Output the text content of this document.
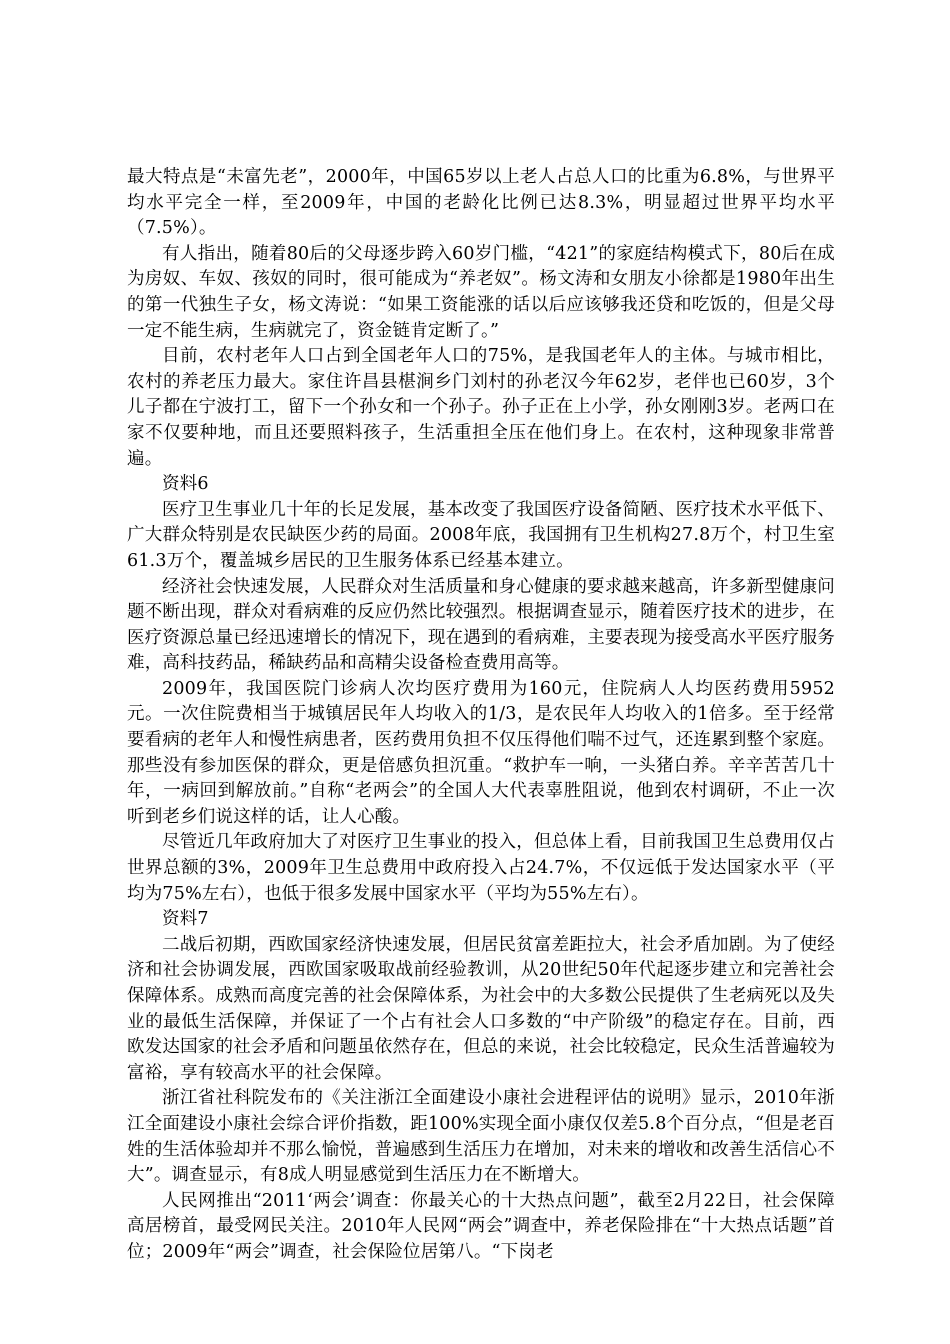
最大特点是“未富先老”，2000年，中国65岁以上老人占总人口的比重为6.8%，与世界平均水平完全一样，至2009年，中国的老龄化比例已达8.3%，明显超过世界平均水平（7.5%）。

有人指出，随着80后的父母逐步跨入60岁门槛，“421”的家庭结构模式下，80后在成为房奴、车奴、孩奴的同时，很可能成为“养老奴”。杨文涛和女朋友小徐都是1980年出生的第一代独生子女，杨文涛说：“如果工资能涨的话以后应该够我还贷和吃饭的，但是父母一定不能生病，生病就完了，资金链肯定断了。”

目前，农村老年人口占到全国老年人口的75%，是我国老年人的主体。与城市相比，农村的养老压力最大。家住许昌县椹涧乡门刘村的孙老汉今年62岁，老伴也已60岁，3个儿子都在宁波打工，留下一个孙女和一个孙子。孙子正在上小学，孙女刚刚3岁。老两口在家不仅要种地，而且还要照料孩子，生活重担全压在他们身上。在农村，这种现象非常普遍。

资料6

医疗卫生事业几十年的长足发展，基本改变了我国医疗设备简陋、医疗技术水平低下、广大群众特别是农民缺医少药的局面。2008年底，我国拥有卫生机构27.8万个，村卫生室61.3万个，覆盖城乡居民的卫生服务体系已经基本建立。

经济社会快速发展，人民群众对生活质量和身心健康的要求越来越高，许多新型健康问题不断出现，群众对看病难的反应仍然比较强烈。根据调查显示，随着医疗技术的进步，在医疗资源总量已经迅速增长的情况下，现在遇到的看病难，主要表现为接受高水平医疗服务难，高科技药品，稀缺药品和高精尖设备检查费用高等。

2009年，我国医院门诊病人次均医疗费用为160元，住院病人人均医药费用5952元。一次住院费相当于城镇居民年人均收入的1/3，是农民年人均收入的1倍多。至于经常要看病的老年人和慢性病患者，医药费用负担不仅压得他们喘不过气，还连累到整个家庭。那些没有参加医保的群众，更是倍感负担沉重。“救护车一响，一头猪白养。辛辛苦苦几十年，一病回到解放前。”自称“老两会”的全国人大代表辜胜阻说，他到农村调研，不止一次听到老乡们说这样的话，让人心酸。

尽管近几年政府加大了对医疗卫生事业的投入，但总体上看，目前我国卫生总费用仅占世界总额的3%，2009年卫生总费用中政府投入占24.7%，不仅远低于发达国家水平（平均为75%左右），也低于很多发展中国家水平（平均为55%左右）。

资料7

二战后初期，西欧国家经济快速发展，但居民贫富差距拉大，社会矛盾加剧。为了使经济和社会协调发展，西欧国家吸取战前经验教训，从20世纪50年代起逐步建立和完善社会保障体系。成熟而高度完善的社会保障体系，为社会中的大多数公民提供了生老病死以及失业的最低生活保障，并保证了一个占有社会人口多数的“中产阶级”的稳定存在。目前，西欧发达国家的社会矛盾和问题虽依然存在，但总的来说，社会比较稳定，民众生活普遍较为富裕，享有较高水平的社会保障。

浙江省社科院发布的《关注浙江全面建设小康社会进程评估的说明》显示，2010年浙江全面建设小康社会综合评价指数，距100%实现全面小康仅仅差5.8个百分点，“但是老百姓的生活体验却并不那么愉悦，普遍感到生活压力在增加，对未来的增收和改善生活信心不大”。调查显示，有8成人明显感觉到生活压力在不断增大。

人民网推出“2011‘两会’调查：你最关心的十大热点问题”，截至2月22日，社会保障高居榜首，最受网民关注。2010年人民网“两会”调查中，养老保险排在“十大热点话题”首位；2009年“两会”调查，社会保险位居第八。“下岗老
